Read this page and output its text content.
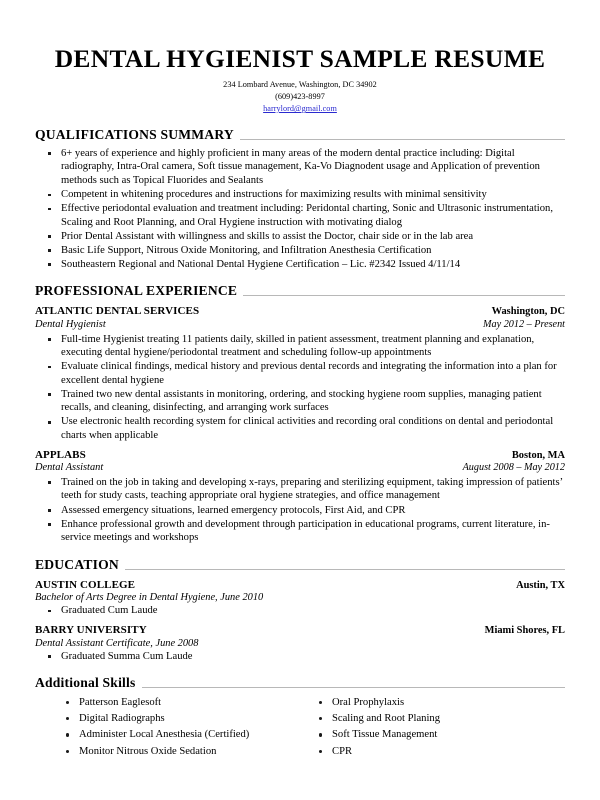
DENTAL HYGIENIST SAMPLE RESUME
234 Lombard Avenue, Washington, DC 34902
(609)423-8997
harrylord@gmail.com
QUALIFICATIONS SUMMARY
6+ years of experience and highly proficient in many areas of the modern dental practice including: Digital radiography, Intra-Oral camera, Soft tissue management, Ka-Vo Diagnodent usage and Application of prevention methods such as Topical Fluorides and Sealants
Competent in whitening procedures and instructions for maximizing results with minimal sensitivity
Effective periodontal evaluation and treatment including: Peridontal charting, Sonic and Ultrasonic instrumentation, Scaling and Root Planning, and Oral Hygiene instruction with motivating dialog
Prior Dental Assistant with willingness and skills to assist the Doctor, chair side or in the lab area
Basic Life Support, Nitrous Oxide Monitoring, and Infiltration Anesthesia Certification
Southeastern Regional and National Dental Hygiene Certification – Lic. #2342 Issued 4/11/14
PROFESSIONAL EXPERIENCE
ATLANTIC DENTAL SERVICES	Washington, DC
Dental Hygienist	May 2012 – Present
Full-time Hygienist treating 11 patients daily, skilled in patient assessment, treatment planning and explanation, executing dental hygiene/periodontal treatment and scheduling follow-up appointments
Evaluate clinical findings, medical history and previous dental records and integrating the information into a plan for excellent dental hygiene
Trained two new dental assistants in monitoring, ordering, and stocking hygiene room supplies, managing patient recalls, and cleaning, disinfecting, and arranging work surfaces
Use electronic health recording system for clinical activities and recording oral conditions on dental and periodontal charts when applicable
APPLABS	Boston, MA
Dental Assistant	August 2008 – May 2012
Trained on the job in taking and developing x-rays, preparing and sterilizing equipment, taking impression of patients’ teeth for study casts, teaching appropriate oral hygiene strategies, and office management
Assessed emergency situations, learned emergency protocols, First Aid, and CPR
Enhance professional growth and development through participation in educational programs, current literature, in-service meetings and workshops
EDUCATION
AUSTIN COLLEGE	Austin, TX
Bachelor of Arts Degree in Dental Hygiene, June 2010
Graduated Cum Laude
BARRY UNIVERSITY	Miami Shores, FL
Dental Assistant Certificate, June 2008
Graduated Summa Cum Laude
Additional Skills
Patterson Eaglesoft
Digital Radiographs
Administer Local Anesthesia (Certified)
Monitor Nitrous Oxide Sedation
Oral Prophylaxis
Scaling and Root Planing
Soft Tissue Management
CPR
